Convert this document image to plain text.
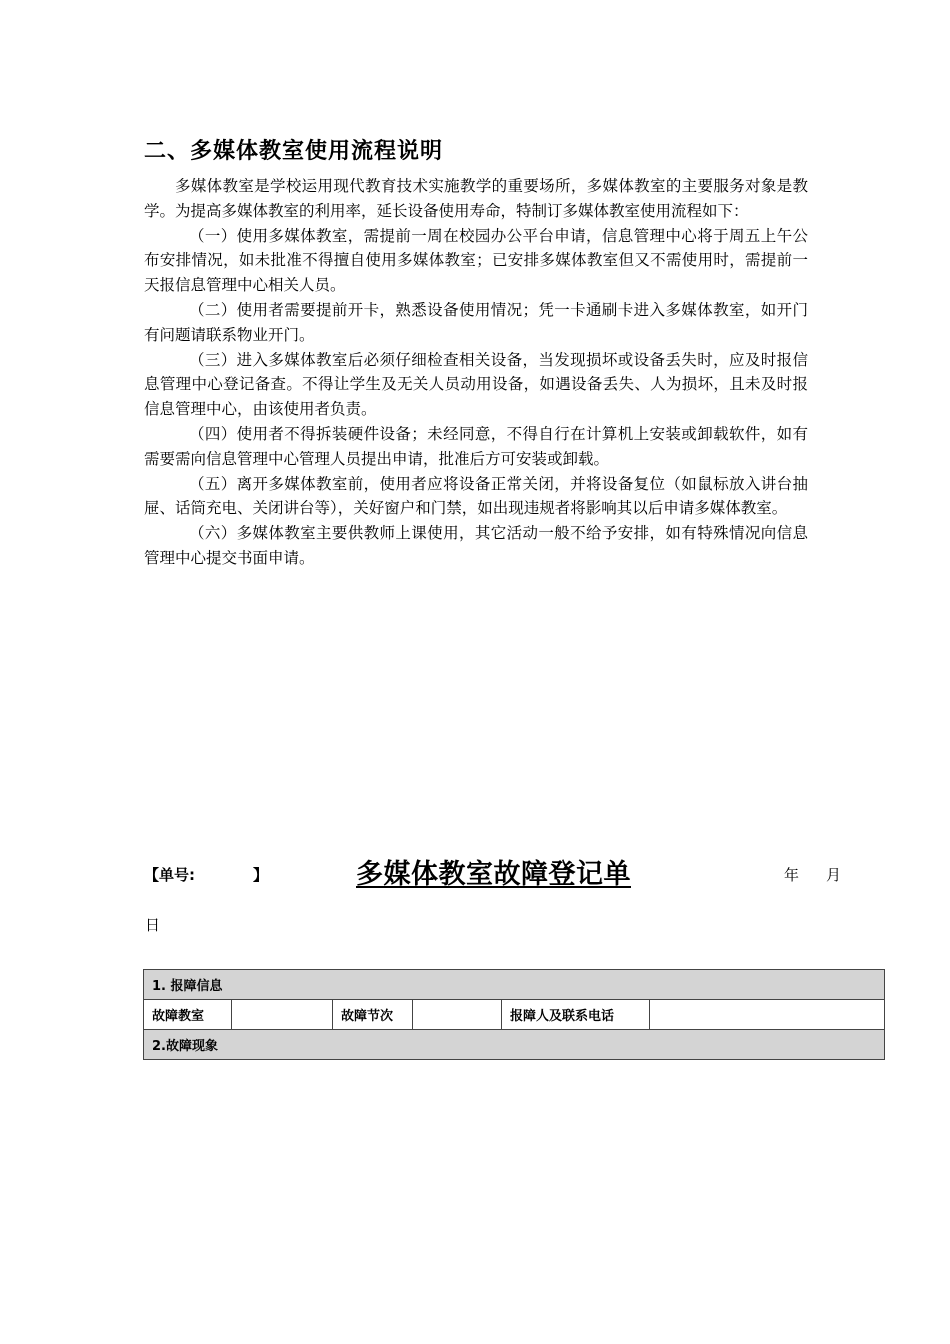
二、多媒体教室使用流程说明

多媒体教室是学校运用现代教育技术实施教学的重要场所，多媒体教室的主要服务对象是教学。为提高多媒体教室的利用率，延长设备使用寿命，特制订多媒体教室使用流程如下：

（一）使用多媒体教室，需提前一周在校园办公平台申请，信息管理中心将于周五上午公布安排情况，如未批准不得擅自使用多媒体教室；已安排多媒体教室但又不需使用时，需提前一天报信息管理中心相关人员。

（二）使用者需要提前开卡，熟悉设备使用情况；凭一卡通刷卡进入多媒体教室，如开门有问题请联系物业开门。

（三）进入多媒体教室后必须仔细检查相关设备，当发现损坏或设备丢失时，应及时报信息管理中心登记备查。不得让学生及无关人员动用设备，如遇设备丢失、人为损坏，且未及时报信息管理中心，由该使用者负责。

（四）使用者不得拆装硬件设备；未经同意，不得自行在计算机上安装或卸载软件，如有需要需向信息管理中心管理人员提出申请，批准后方可安装或卸载。

（五）离开多媒体教室前，使用者应将设备正常关闭，并将设备复位（如鼠标放入讲台抽屉、话筒充电、关闭讲台等），关好窗户和门禁，如出现违规者将影响其以后申请多媒体教室。

（六）多媒体教室主要供教师上课使用，其它活动一般不给予安排，如有特殊情况向信息管理中心提交书面申请。

【单号:	】	多媒体教室故障登记单	年 月
日
1. 报障信息
故障教室		故障节次		报障人及联系电话	
2.故障现象
